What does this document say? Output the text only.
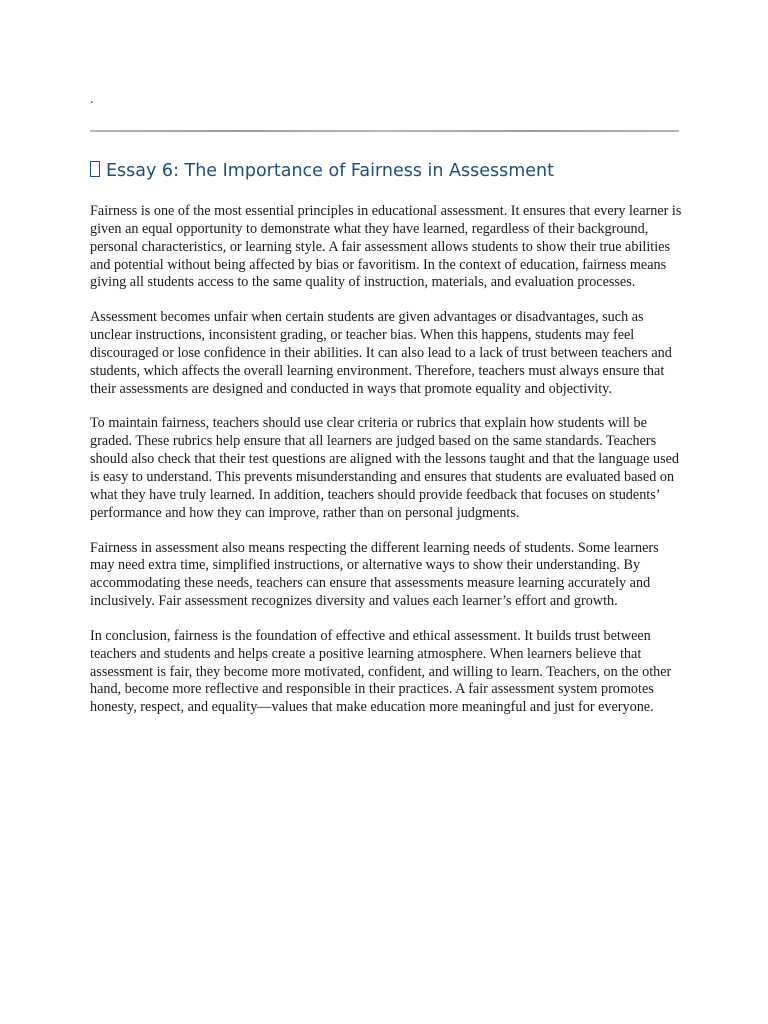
.
Essay 6: The Importance of Fairness in Assessment

Fairness is one of the most essential principles in educational assessment. It ensures that every learner is given an equal opportunity to demonstrate what they have learned, regardless of their background, personal characteristics, or learning style. A fair assessment allows students to show their true abilities and potential without being affected by bias or favoritism. In the context of education, fairness means giving all students access to the same quality of instruction, materials, and evaluation processes.

Assessment becomes unfair when certain students are given advantages or disadvantages, such as unclear instructions, inconsistent grading, or teacher bias. When this happens, students may feel discouraged or lose confidence in their abilities. It can also lead to a lack of trust between teachers and students, which affects the overall learning environment. Therefore, teachers must always ensure that their assessments are designed and conducted in ways that promote equality and objectivity.

To maintain fairness, teachers should use clear criteria or rubrics that explain how students will be graded. These rubrics help ensure that all learners are judged based on the same standards. Teachers should also check that their test questions are aligned with the lessons taught and that the language used is easy to understand. This prevents misunderstanding and ensures that students are evaluated based on what they have truly learned. In addition, teachers should provide feedback that focuses on students’ performance and how they can improve, rather than on personal judgments.

Fairness in assessment also means respecting the different learning needs of students. Some learners may need extra time, simplified instructions, or alternative ways to show their understanding. By accommodating these needs, teachers can ensure that assessments measure learning accurately and inclusively. Fair assessment recognizes diversity and values each learner’s effort and growth.

In conclusion, fairness is the foundation of effective and ethical assessment. It builds trust between teachers and students and helps create a positive learning atmosphere. When learners believe that assessment is fair, they become more motivated, confident, and willing to learn. Teachers, on the other hand, become more reflective and responsible in their practices. A fair assessment system promotes honesty, respect, and equality—values that make education more meaningful and just for everyone.
